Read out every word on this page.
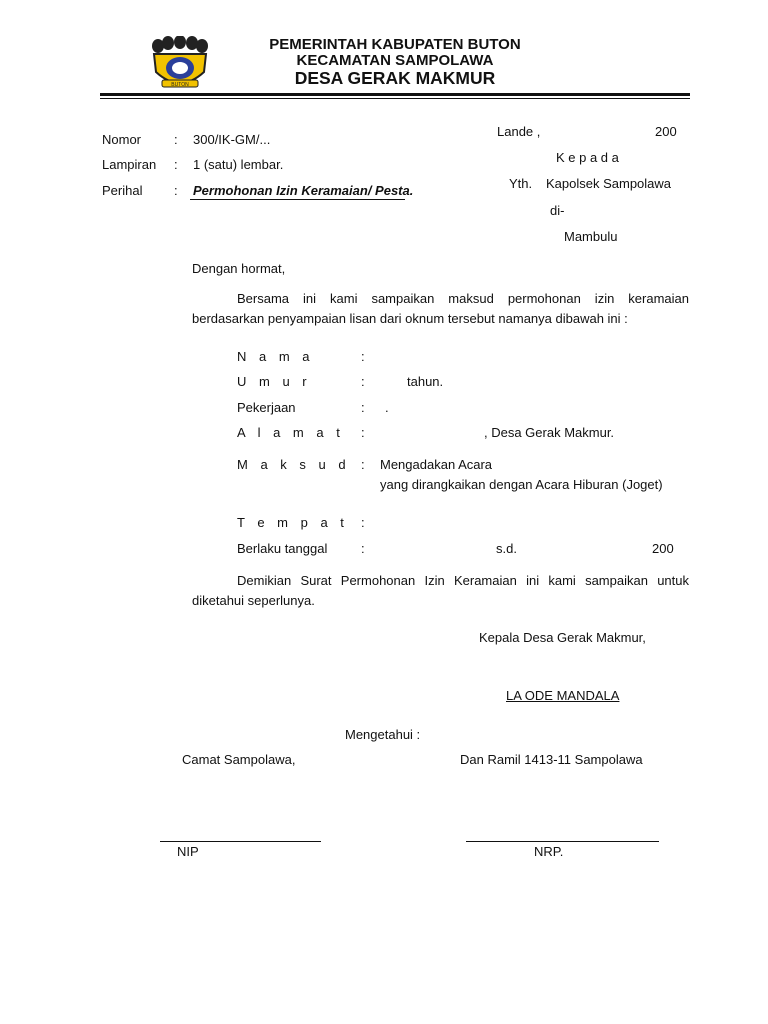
BUTON
PEMERINTAH KABUPATEN BUTON
KECAMATAN SAMPOLAWA
DESA GERAK MAKMUR
Nomor	: 300/IK-GM/...
Lampiran : 1 (satu) lembar.
Perihal : Permohonan Izin Keramaian/ Pesta.
Lande ,	200
K e p a d a
Yth. Kapolsek Sampolawa
di-
Mambulu
Dengan hormat,
Bersama ini kami sampaikan maksud permohonan izin keramaian berdasarkan penyampaian lisan dari oknum tersebut namanya dibawah ini :
N a m a	:
U m u r	:	tahun.
Pekerjaan	: .
A l a m a t :	, Desa Gerak Makmur.
M a k s u d : Mengadakan Acara
yang dirangkaikan dengan Acara Hiburan (Joget)
T e m p a t :
Berlaku tanggal	:	s.d.	200
Demikian Surat Permohonan Izin Keramaian ini kami sampaikan untuk diketahui seperlunya.
Kepala Desa Gerak Makmur,
LA ODE MANDALA
Mengetahui :
Camat Sampolawa,	Dan Ramil 1413-11 Sampolawa
NIP	NRP.
